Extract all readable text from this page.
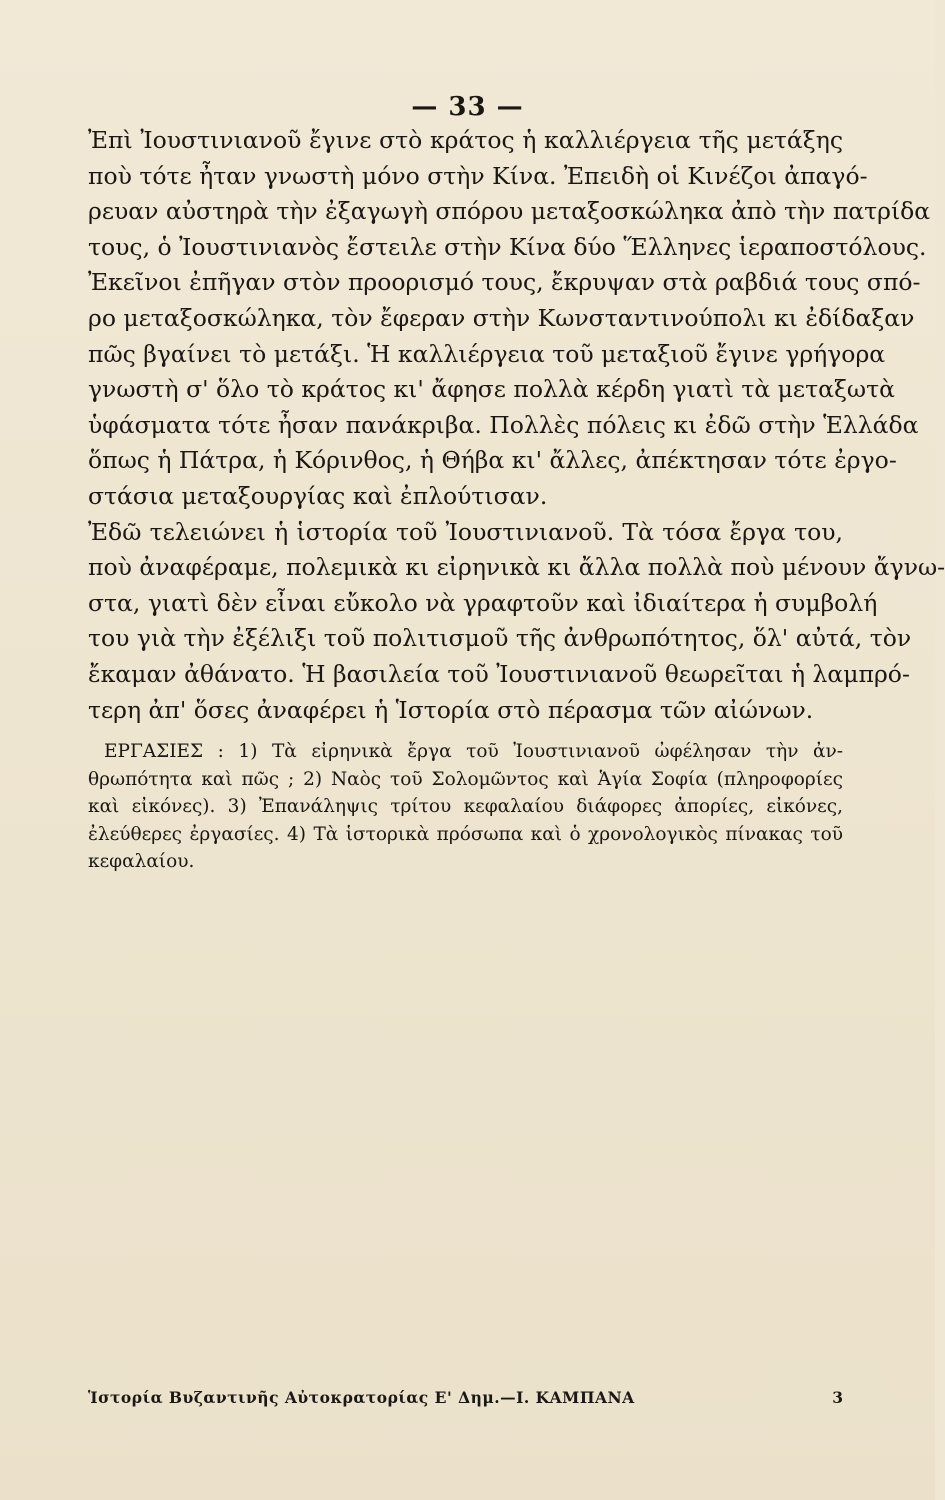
— 33 —
Ἐπὶ Ἰουστινιανοῦ ἔγινε στὸ κράτος ἡ καλλιέργεια τῆς μετάξης
ποὺ τότε ἦταν γνωστὴ μόνο στὴν Κίνα. Ἐπειδὴ οἱ Κινέζοι ἀπαγό-
ρευαν αὐστηρὰ τὴν ἐξαγωγὴ σπόρου μεταξοσκώληκα ἀπὸ τὴν πατρίδα
τους, ὁ Ἰουστινιανὸς ἔστειλε στὴν Κίνα δύο Ἕλληνες ἱεραποστόλους.
Ἐκεῖνοι ἐπῆγαν στὸν προορισμό τους, ἔκρυψαν στὰ ραβδιά τους σπό-
ρο μεταξοσκώληκα, τὸν ἔφεραν στὴν Κωνσταντινούπολι κι ἐδίδαξαν
πῶς βγαίνει τὸ μετάξι. Ἡ καλλιέργεια τοῦ μεταξιοῦ ἔγινε γρήγορα
γνωστὴ σ' ὅλο τὸ κράτος κι' ἄφησε πολλὰ κέρδη γιατὶ τὰ μεταξωτὰ
ὑφάσματα τότε ἦσαν πανάκριβα. Πολλὲς πόλεις κι ἐδῶ στὴν Ἑλλάδα
ὅπως ἡ Πάτρα, ἡ Κόρινθος, ἡ Θήβα κι' ἄλλες, ἀπέκτησαν τότε ἐργο-
στάσια μεταξουργίας καὶ ἐπλούτισαν.
Ἐδῶ τελειώνει ἡ ἱστορία τοῦ Ἰουστινιανοῦ. Τὰ τόσα ἔργα του,
ποὺ ἀναφέραμε, πολεμικὰ κι εἰρηνικὰ κι ἄλλα πολλὰ ποὺ μένουν ἄγνω-
στα, γιατὶ δὲν εἶναι εὔκολο νὰ γραφτοῦν καὶ ἰδιαίτερα ἡ συμβολή
του γιὰ τὴν ἐξέλιξι τοῦ πολιτισμοῦ τῆς ἀνθρωπότητος, ὅλ' αὐτά, τὸν
ἔκαμαν ἀθάνατο. Ἡ βασιλεία τοῦ Ἰουστινιανοῦ θεωρεῖται ἡ λαμπρό-
τερη ἀπ' ὅσες ἀναφέρει ἡ Ἱστορία στὸ πέρασμα τῶν αἰώνων.
ΕΡΓΑΣΙΕΣ : 1) Τὰ εἰρηνικὰ ἔργα τοῦ Ἰουστινιανοῦ ὠφέλησαν τὴν ἀν-
θρωπότητα καὶ πῶς ; 2) Ναὸς τοῦ Σολομῶντος καὶ Ἁγία Σοφία (πληροφορίες
καὶ εἰκόνες). 3) Ἐπανάληψις τρίτου κεφαλαίου διάφορες ἀπορίες, εἰκόνες,
ἐλεύθερες ἐργασίες. 4) Τὰ ἱστορικὰ πρόσωπα καὶ ὁ χρονολογικὸς πίνακας τοῦ
κεφαλαίου.
Ἱστορία Βυζαντινῆς Αὐτοκρατορίας Ε' Δημ.—Ι. ΚΑΜΠΑΝΑ	3
